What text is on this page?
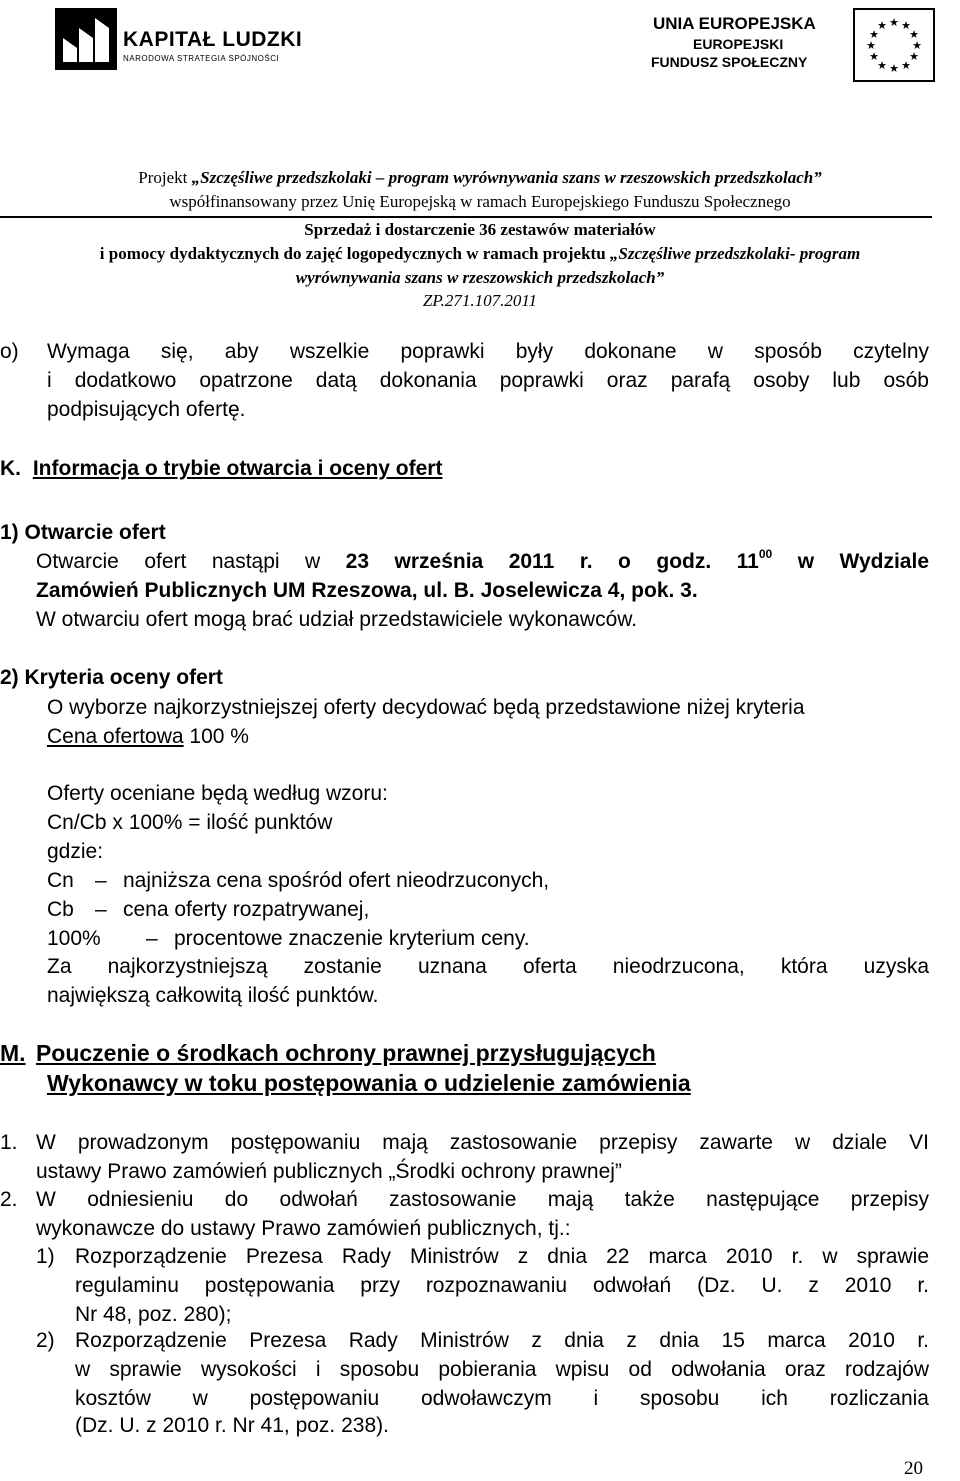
KAPITAŁ LUDZKI
NARODOWA STRATEGIA SPÓJNOŚCI
UNIA EUROPEJSKA
EUROPEJSKI
FUNDUSZ SPOŁECZNY
★ ★
★
★
★
★
★
★
★
★
★
★
Projekt „Szczęśliwe przedszkolaki – program wyrównywania szans w rzeszowskich przedszkolach”
współfinansowany przez Unię Europejską w ramach Europejskiego Funduszu Społecznego
Sprzedaż i dostarczenie 36 zestawów materiałów
i pomocy dydaktycznych do zajęć logopedycznych w ramach projektu „Szczęśliwe przedszkolaki- program
wyrównywania szans w rzeszowskich przedszkolach”
ZP.271.107.2011
o) Wymaga się, aby wszelkie poprawki były dokonane w sposób czytelny
i dodatkowo opatrzone datą dokonania poprawki oraz parafą osoby lub osób
podpisujących ofertę.
K. Informacja o trybie otwarcia i oceny ofert
1) Otwarcie ofert
Otwarcie ofert nastąpi w 23 września 2011 r. o godz. $11^{00}$ w Wydziale
Zamówień Publicznych UM Rzeszowa, ul. B. Joselewicza 4, pok. 3.
W otwarciu ofert mogą brać udział przedstawiciele wykonawców.
2) Kryteria oceny ofert
O wyborze najkorzystniejszej oferty decydować będą przedstawione niżej kryteria
Cena ofertowa 100 %
Oferty oceniane będą według wzoru:
Cn/Cb x 100% = ilość punktów
gdzie:
Cn – najniższa cena spośród ofert nieodrzuconych,
Cb – cena oferty rozpatrywanej,
100% – procentowe znaczenie kryterium ceny.
Za najkorzystniejszą zostanie uznana oferta nieodrzucona, która uzyska
największą całkowitą ilość punktów.
M. Pouczenie o środkach ochrony prawnej przysługujących
Wykonawcy w toku postępowania o udzielenie zamówienia
1. W prowadzonym postępowaniu mają zastosowanie przepisy zawarte w dziale VI
ustawy Prawo zamówień publicznych „Środki ochrony prawnej”
2. W odniesieniu do odwołań zastosowanie mają także następujące przepisy
wykonawcze do ustawy Prawo zamówień publicznych, tj.:
1) Rozporządzenie Prezesa Rady Ministrów z dnia 22 marca 2010 r. w sprawie
regulaminu postępowania przy rozpoznawaniu odwołań (Dz. U. z 2010 r.
Nr 48, poz. 280);
2) Rozporządzenie Prezesa Rady Ministrów z dnia z dnia 15 marca 2010 r.
w sprawie wysokości i sposobu pobierania wpisu od odwołania oraz rodzajów
kosztów w postępowaniu odwoławczym i sposobu ich rozliczania
(Dz. U. z 2010 r. Nr 41, poz. 238).
20
